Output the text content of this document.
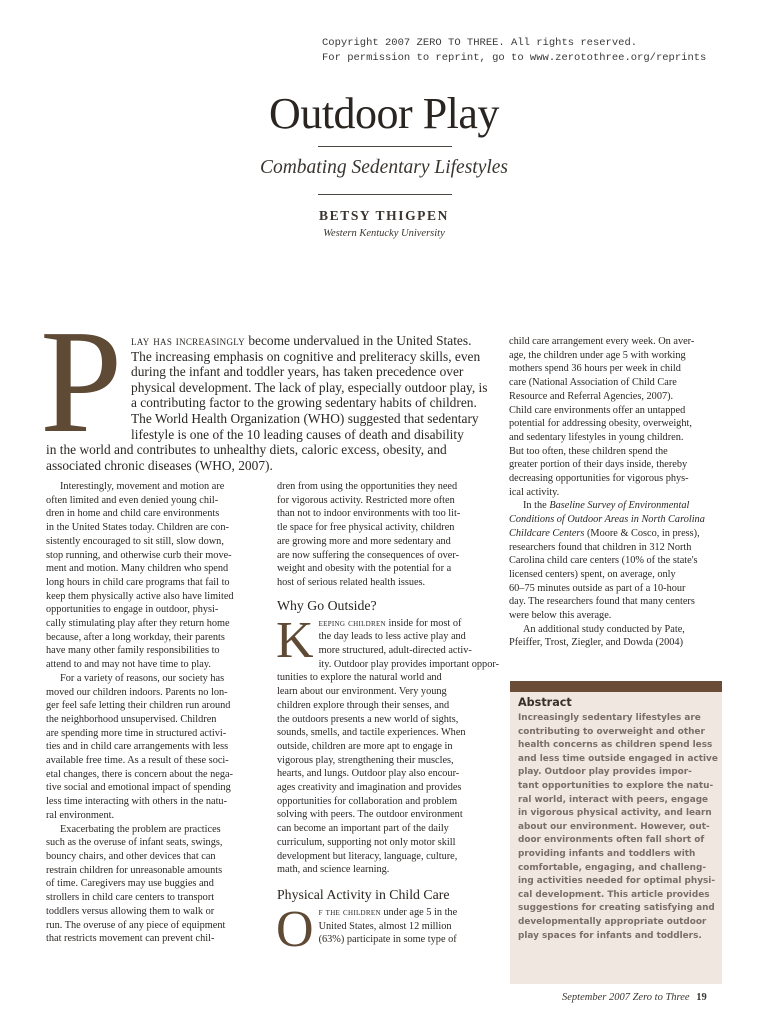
Copyright 2007 ZERO TO THREE. All rights reserved.
For permission to reprint, go to www.zerotothree.org/reprints
Outdoor Play
Combating Sedentary Lifestyles
BETSY THIGPEN
Western Kentucky University
P lay has increasingly become undervalued in the United States.
The increasing emphasis on cognitive and preliteracy skills, even
during the infant and toddler years, has taken precedence over
physical development. The lack of play, especially outdoor play, is
a contributing factor to the growing sedentary habits of children.
The World Health Organization (WHO) suggested that sedentary
lifestyle is one of the 10 leading causes of death and disability
in the world and contributes to unhealthy diets, caloric excess, obesity, and
associated chronic diseases (WHO, 2007).
Interestingly, movement and motion are
often limited and even denied young chil-
dren in home and child care environments
in the United States today. Children are con-
sistently encouraged to sit still, slow down,
stop running, and otherwise curb their move-
ment and motion. Many children who spend
long hours in child care programs that fail to
keep them physically active also have limited
opportunities to engage in outdoor, physi-
cally stimulating play after they return home
because, after a long workday, their parents
have many other family responsibilities to
attend to and may not have time to play.
For a variety of reasons, our society has
moved our children indoors. Parents no lon-
ger feel safe letting their children run around
the neighborhood unsupervised. Children
are spending more time in structured activi-
ties and in child care arrangements with less
available free time. As a result of these soci-
etal changes, there is concern about the nega-
tive social and emotional impact of spending
less time interacting with others in the natu-
ral environment.
Exacerbating the problem are practices
such as the overuse of infant seats, swings,
bouncy chairs, and other devices that can
restrain children for unreasonable amounts
of time. Caregivers may use buggies and
strollers in child care centers to transport
toddlers versus allowing them to walk or
run. The overuse of any piece of equipment
that restricts movement can prevent chil-
dren from using the opportunities they need
for vigorous activity. Restricted more often
than not to indoor environments with too lit-
tle space for free physical activity, children
are growing more and more sedentary and
are now suffering the consequences of over-
weight and obesity with the potential for a
host of serious related health issues.
Why Go Outside?
K eeping children inside for most of
the day leads to less active play and
more structured, adult-directed activ-
ity. Outdoor play provides important oppor-
tunities to explore the natural world and
learn about our environment. Very young
children explore through their senses, and
the outdoors presents a new world of sights,
sounds, smells, and tactile experiences. When
outside, children are more apt to engage in
vigorous play, strengthening their muscles,
hearts, and lungs. Outdoor play also encour-
ages creativity and imagination and provides
opportunities for collaboration and problem
solving with peers. The outdoor environment
can become an important part of the daily
curriculum, supporting not only motor skill
development but literacy, language, culture,
math, and science learning.
Physical Activity in Child Care
O f the children under age 5 in the
United States, almost 12 million
(63%) participate in some type of
child care arrangement every week. On aver-
age, the children under age 5 with working
mothers spend 36 hours per week in child
care (National Association of Child Care
Resource and Referral Agencies, 2007).
Child care environments offer an untapped
potential for addressing obesity, overweight,
and sedentary lifestyles in young children.
But too often, these children spend the
greater portion of their days inside, thereby
decreasing opportunities for vigorous phys-
ical activity.
In the Baseline Survey of Environmental
Conditions of Outdoor Areas in North Carolina
Childcare Centers (Moore & Cosco, in press),
researchers found that children in 312 North
Carolina child care centers (10% of the state's
licensed centers) spent, on average, only
60–75 minutes outside as part of a 10-hour
day. The researchers found that many centers
were below this average.
An additional study conducted by Pate,
Pfeiffer, Trost, Ziegler, and Dowda (2004)
Abstract
Increasingly sedentary lifestyles are
contributing to overweight and other
health concerns as children spend less
and less time outside engaged in active
play. Outdoor play provides impor-
tant opportunities to explore the natu-
ral world, interact with peers, engage
in vigorous physical activity, and learn
about our environment. However, out-
door environments often fall short of
providing infants and toddlers with
comfortable, engaging, and challeng-
ing activities needed for optimal physi-
cal development. This article provides
suggestions for creating satisfying and
developmentally appropriate outdoor
play spaces for infants and toddlers.
September 2007 Zero to Three 19
